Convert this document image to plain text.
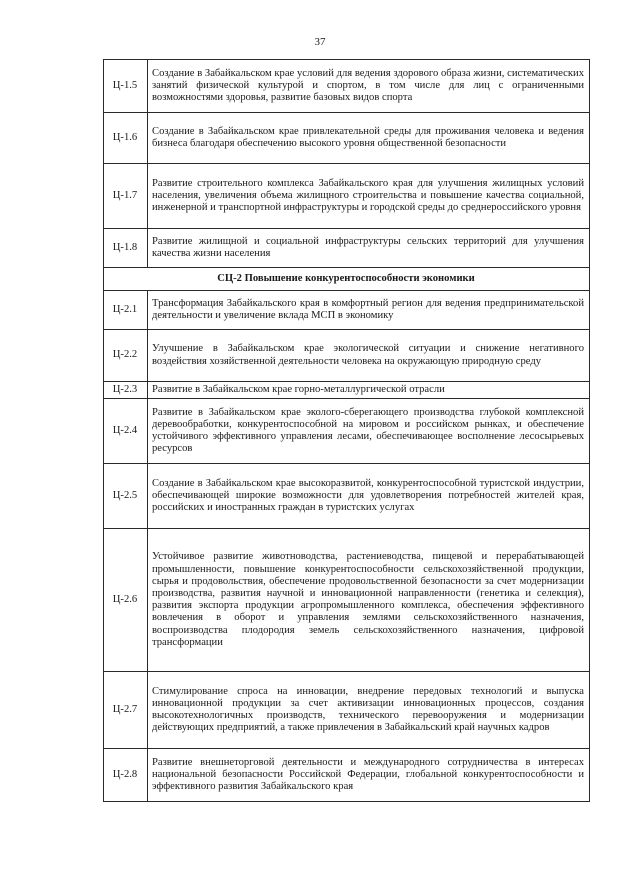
37
Ц-1.5	Создание в Забайкальском крае условий для ведения здорового образа жизни, систематических занятий физической культурой и спортом, в том числе для лиц с ограниченными возможностями здоровья, развитие базовых видов спорта
Ц-1.6	Создание в Забайкальском крае привлекательной среды для проживания человека и ведения бизнеса благодаря обеспечению высокого уровня общественной безопасности
Ц-1.7	Развитие строительного комплекса Забайкальского края для улучшения жилищных условий населения, увеличения объема жилищного строительства и повышение качества социальной, инженерной и транспортной инфраструктуры и городской среды до среднероссийского уровня
Ц-1.8	Развитие жилищной и социальной инфраструктуры сельских территорий для улучшения качества жизни населения
СЦ-2 Повышение конкурентоспособности экономики	
Ц-2.1	Трансформация Забайкальского края в комфортный регион для ведения предпринимательской деятельности и увеличение вклада МСП в экономику
Ц-2.2	Улучшение в Забайкальском крае экологической ситуации и снижение негативного воздействия хозяйственной деятельности человека на окружающую природную среду
Ц-2.3	Развитие в Забайкальском крае горно-металлургической отрасли
Ц-2.4	Развитие в Забайкальском крае эколого-сберегающего производства глубокой комплексной деревообработки, конкурентоспособной на мировом и российском рынках, и обеспечение устойчивого эффективного управления лесами, обеспечивающее восполнение лесосырьевых ресурсов
Ц-2.5	Создание в Забайкальском крае высокоразвитой, конкурентоспособной туристской индустрии, обеспечивающей широкие возможности для удовлетворения потребностей жителей края, российских и иностранных граждан в туристских услугах
Ц-2.6	Устойчивое развитие животноводства, растениеводства, пищевой и перерабатывающей промышленности, повышение конкурентоспособности сельскохозяйственной продукции, сырья и продовольствия, обеспечение продовольственной безопасности за счет модернизации производства, развития научной и инновационной направленности (генетика и селекция), развития экспорта продукции агропромышленного комплекса, обеспечения эффективного вовлечения в оборот и управления землями сельскохозяйственного назначения, воспроизводства плодородия земель сельскохозяйственного назначения, цифровой трансформации
Ц-2.7	Стимулирование спроса на инновации, внедрение передовых технологий и выпуска инновационной продукции за счет активизации инновационных процессов, создания высокотехнологичных производств, технического перевооружения и модернизации действующих предприятий, а также привлечения в Забайкальский край научных кадров
Ц-2.8	Развитие внешнеторговой деятельности и международного сотрудничества в интересах национальной безопасности Российской Федерации, глобальной конкурентоспособности и эффективного развития Забайкальского края
